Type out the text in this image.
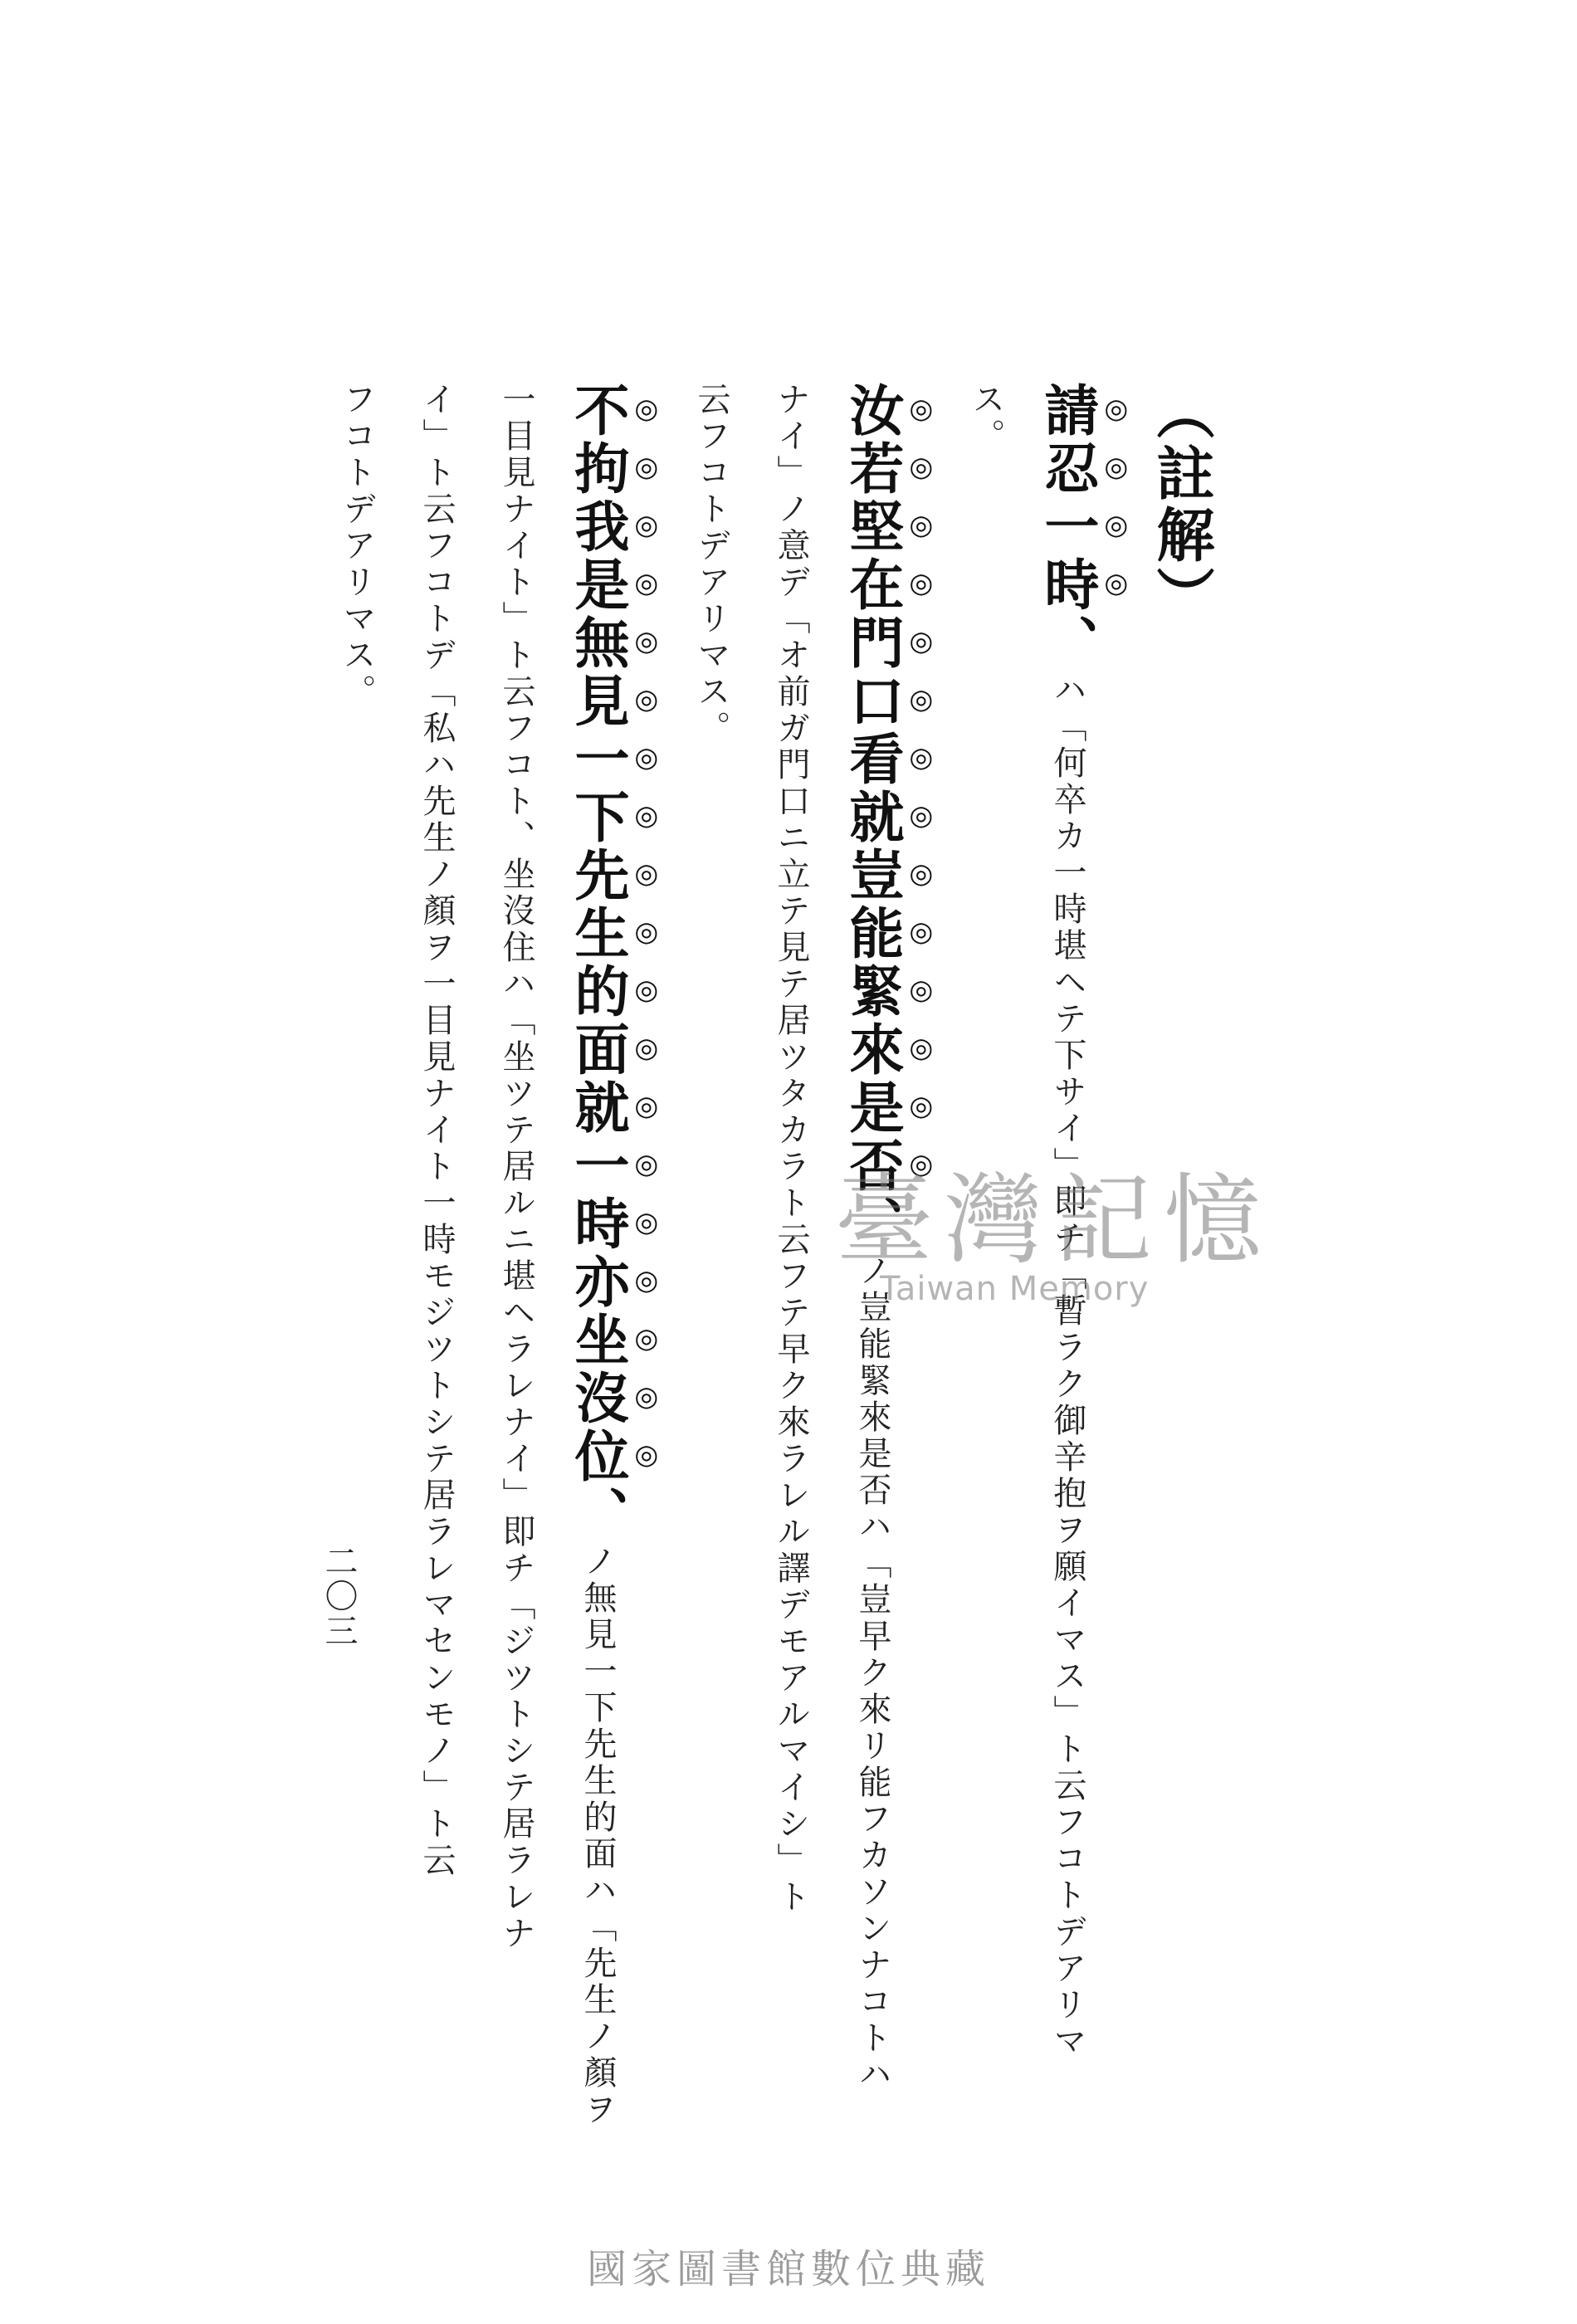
（註解）
請忍一時、ハ「何卒カ一時堪ヘテ下サイ」即チ「暫ラク御辛抱ヲ願イマス」ト云フコトデアリマ
ス。
汝若堅在門口看就豈能緊來是否、ノ豈能緊來是否ハ「豈早ク來リ能フカソンナコトハ
ナイ」ノ意デ「オ前ガ門口ニ立テ見テ居ツタカラト云フテ早ク來ラレル譯デモアルマイシ」ト
云フコトデアリマス。
不拘我是無見一下先生的面就一時亦坐沒位、ノ無見一下先生的面ハ「先生ノ顏ヲ
一目見ナイト」ト云フコト、坐沒住ハ「坐ツテ居ルニ堪ヘラレナイ」即チ「ジツトシテ居ラレナ
イ」ト云フコトデ「私ハ先生ノ顏ヲ一目見ナイト一時モジツトシテ居ラレマセンモノ」ト云
フコトデアリマス。
二〇三
臺灣記憶
Taiwan Memory
國家圖書館數位典藏
